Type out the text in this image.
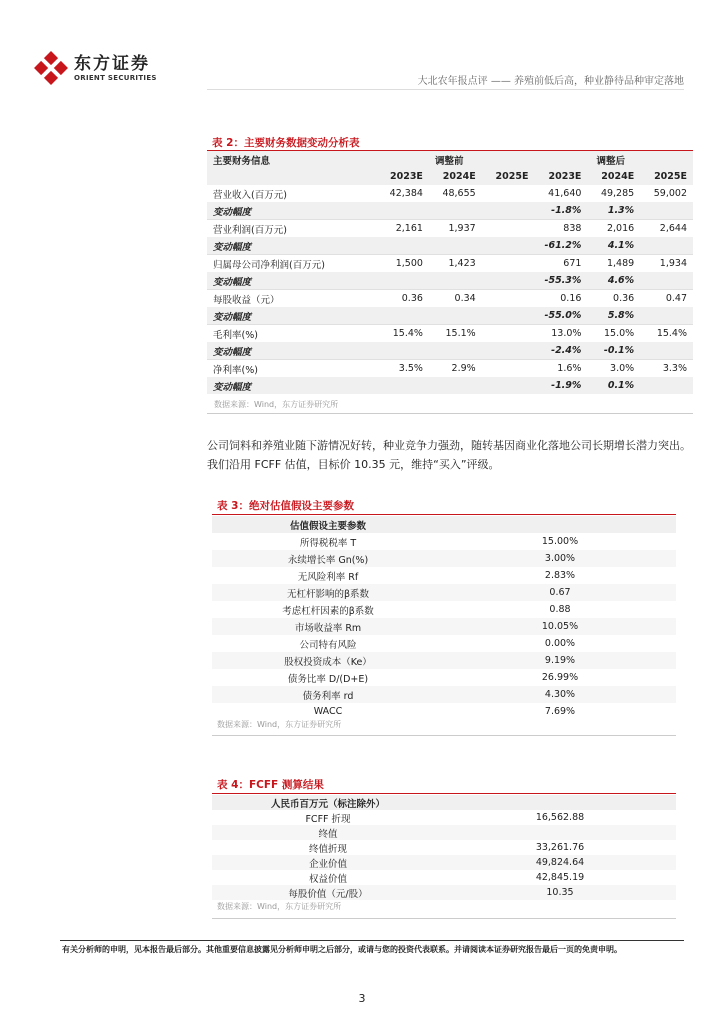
东方证券
ORIENT SECURITIES	大北农年报点评 —— 养殖前低后高，种业静待品种审定落地
表 2：主要财务数据变动分析表
主要财务信息	调整前			调整后		
	2023E	2024E	2025E	2023E	2024E	2025E
营业收入(百万元)	42,384	48,655		41,640	49,285	59,002
变动幅度				-1.8%	1.3%	
营业利润(百万元)	2,161	1,937		838	2,016	2,644
变动幅度				-61.2%	4.1%	
归属母公司净利润(百万元)	1,500	1,423		671	1,489	1,934
变动幅度				-55.3%	4.6%	
每股收益（元）	0.36	0.34		0.16	0.36	0.47
变动幅度				-55.0%	5.8%	
毛利率(%)	15.4%	15.1%		13.0%	15.0%	15.4%
变动幅度				-2.4%	-0.1%	
净利率(%)	3.5%	2.9%		1.6%	3.0%	3.3%
变动幅度				-1.9%	0.1%	
数据来源：Wind，东方证券研究所
公司饲料和养殖业随下游情况好转，种业竞争力强劲，随转基因商业化落地公司长期增长潜力突出。我们沿用 FCFF 估值，目标价 10.35 元，维持“买入”评级。
表 3：绝对估值假设主要参数
估值假设主要参数	
所得税税率 T	15.00%
永续增长率 Gn(%)	3.00%
无风险利率 Rf	2.83%
无杠杆影响的β系数	0.67
考虑杠杆因素的β系数	0.88
市场收益率 Rm	10.05%
公司特有风险	0.00%
股权投资成本（Ke）	9.19%
债务比率 D/(D+E)	26.99%
债务利率 rd	4.30%
WACC	7.69%
数据来源：Wind，东方证券研究所
表 4：FCFF 测算结果
人民币百万元（标注除外）	
FCFF 折现	16,562.88
终值	
终值折现	33,261.76
企业价值	49,824.64
权益价值	42,845.19
每股价值（元/股）	10.35
数据来源：Wind，东方证券研究所
有关分析师的申明，见本报告最后部分。其他重要信息披露见分析师申明之后部分，或请与您的投资代表联系。并请阅读本证券研究报告最后一页的免责申明。
3
